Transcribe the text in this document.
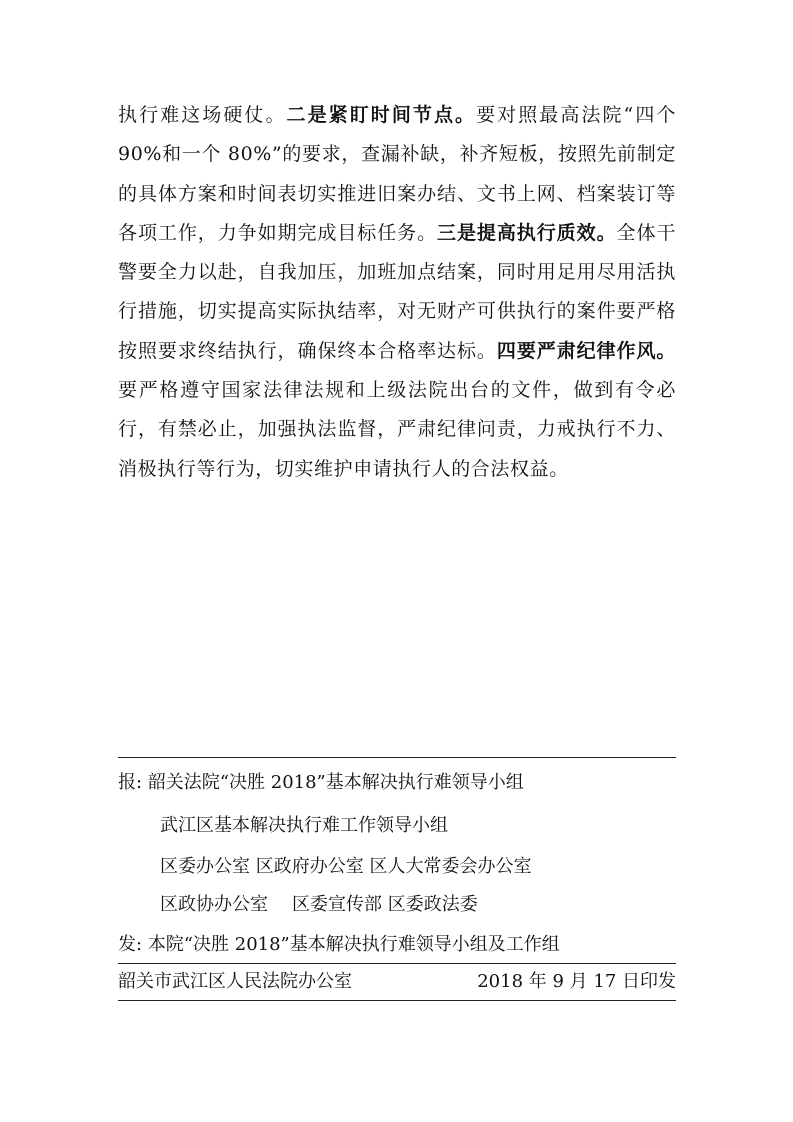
执行难这场硬仗。二是紧盯时间节点。要对照最高法院“四个 90%和一个 80%”的要求，查漏补缺，补齐短板，按照先前制定的具体方案和时间表切实推进旧案办结、文书上网、档案装订等各项工作，力争如期完成目标任务。三是提高执行质效。全体干警要全力以赴，自我加压，加班加点结案，同时用足用尽用活执行措施，切实提高实际执结率，对无财产可供执行的案件要严格按照要求终结执行，确保终本合格率达标。四要严肃纪律作风。要严格遵守国家法律法规和上级法院出台的文件，做到有令必行，有禁必止，加强执法监督，严肃纪律问责，力戒执行不力、消极执行等行为，切实维护申请执行人的合法权益。

报: 韶关法院“决胜 2018”基本解决执行难领导小组
武江区基本解决执行难工作领导小组
区委办公室 区政府办公室 区人大常委会办公室
区政协办公室 区委宣传部 区委政法委
发: 本院“决胜 2018”基本解决执行难领导小组及工作组
韶关市武江区人民法院办公室	2018 年 9 月 17 日印发
